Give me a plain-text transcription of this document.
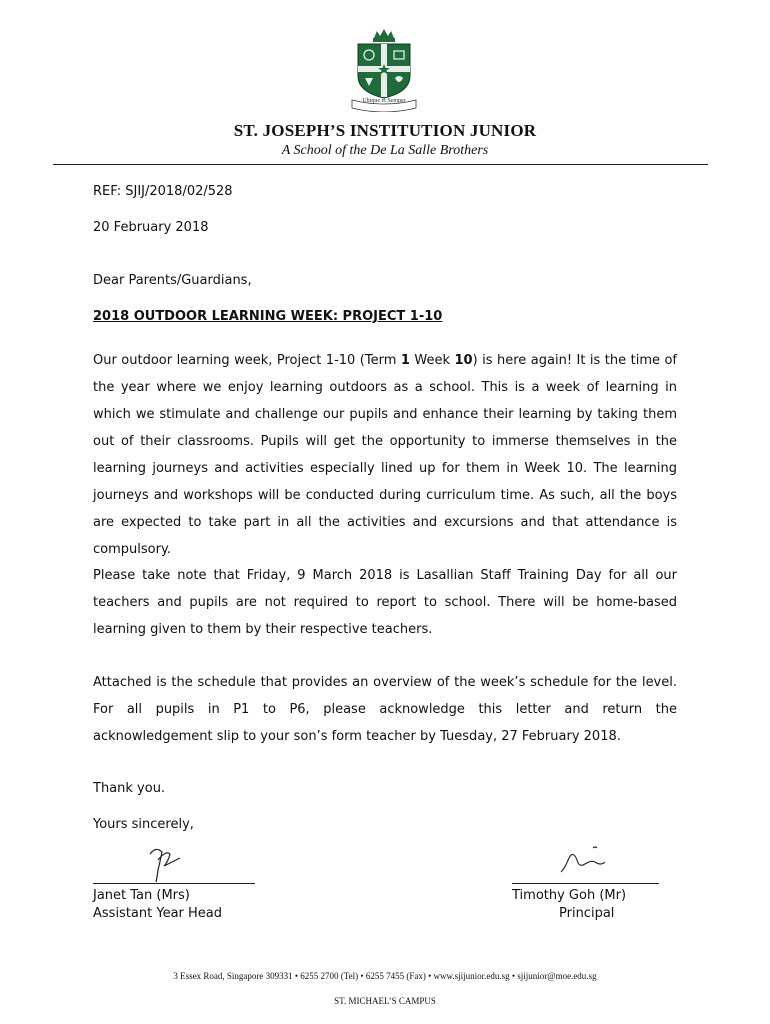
Ubique et Semper
ST. JOSEPH’S INSTITUTION JUNIOR
A School of the De La Salle Brothers
REF: SJIJ/2018/02/528
20 February 2018
Dear Parents/Guardians,
2018 OUTDOOR LEARNING WEEK: PROJECT 1-10
Our outdoor learning week, Project 1-10 (Term 1 Week 10) is here again! It is the time of the year where we enjoy learning outdoors as a school. This is a week of learning in which we stimulate and challenge our pupils and enhance their learning by taking them out of their classrooms. Pupils will get the opportunity to immerse themselves in the learning journeys and activities especially lined up for them in Week 10. The learning journeys and workshops will be conducted during curriculum time. As such, all the boys are expected to take part in all the activities and excursions and that attendance is compulsory.
Please take note that Friday, 9 March 2018 is Lasallian Staff Training Day for all our teachers and pupils are not required to report to school. There will be home-based learning given to them by their respective teachers.
Attached is the schedule that provides an overview of the week’s schedule for the level. For all pupils in P1 to P6, please acknowledge this letter and return the acknowledgement slip to your son’s form teacher by Tuesday, 27 February 2018.
Thank you.
Yours sincerely,
Janet Tan (Mrs)
Assistant Year Head
Timothy Goh (Mr)
Principal
3 Essex Road, Singapore 309331 • 6255 2700 (Tel) • 6255 7455 (Fax) • www.sjijunior.edu.sg • sjijunior@moe.edu.sg
ST. MICHAEL’S CAMPUS
